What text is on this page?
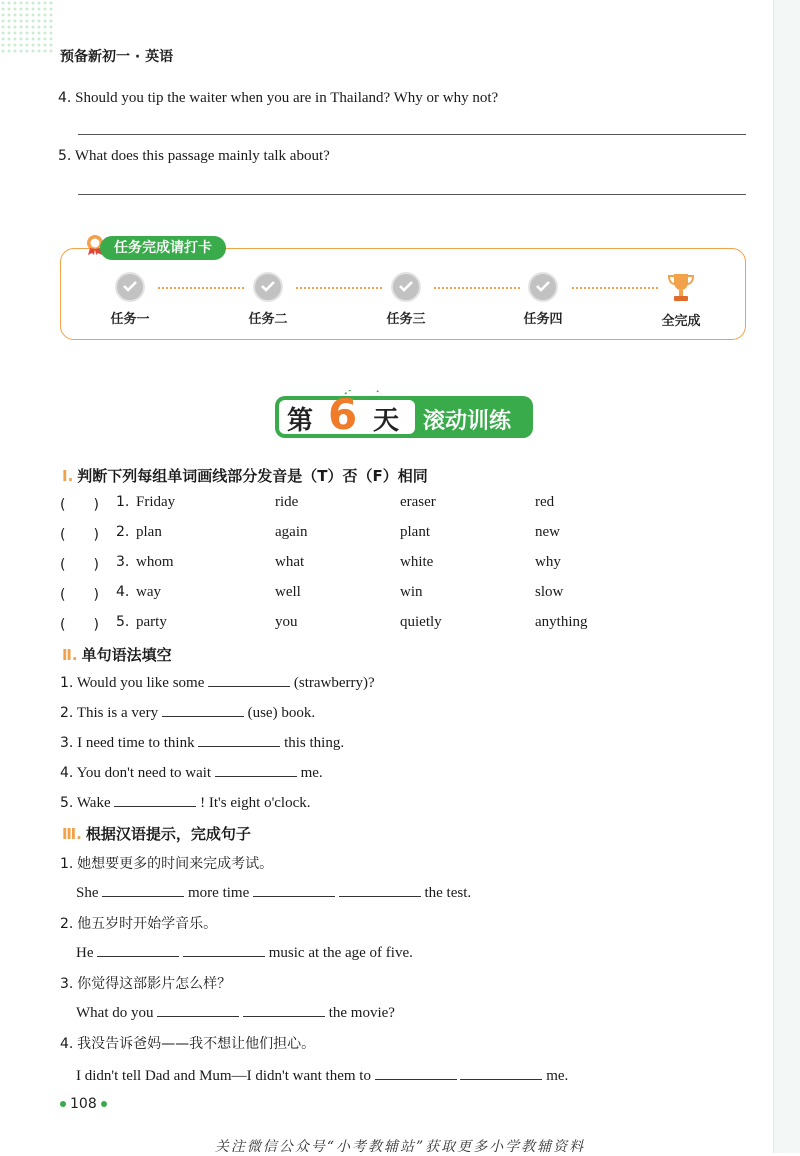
预备新初一 · 英语
4. Should you tip the waiter when you are in Thailand? Why or why not?
5. What does this passage mainly talk about?
任务完成请打卡
任务一	任务二	任务三	任务四	全完成
第 6 天 滚动训练
Ⅰ. 判断下列每组单词画线部分发音是（T）否（F）相同
(　　) 1. Friday	ride	eraser	red
(　　) 2. plan	again	plant	new
(　　) 3. whom	what	white	why
(　　) 4. way	well	win	slow
(　　) 5. party	you	quietly	anything
Ⅱ. 单句语法填空
1. Would you like some	(strawberry)?
2. This is a very	(use) book.
3. I need time to think	this thing.
4. You don't need to wait	me.
5. Wake	! It's eight o'clock.
Ⅲ. 根据汉语提示，完成句子
1. 她想要更多的时间来完成考试。
She	more time	the test.
2. 他五岁时开始学音乐。
He	music at the age of five.
3. 你觉得这部影片怎么样？
What do you	the movie?
4. 我没告诉爸妈——我不想让他们担心。
I didn't tell Dad and Mum—I didn't want them to	me.
108
关注微信公众号“小考教辅站”获取更多小学教辅资料
